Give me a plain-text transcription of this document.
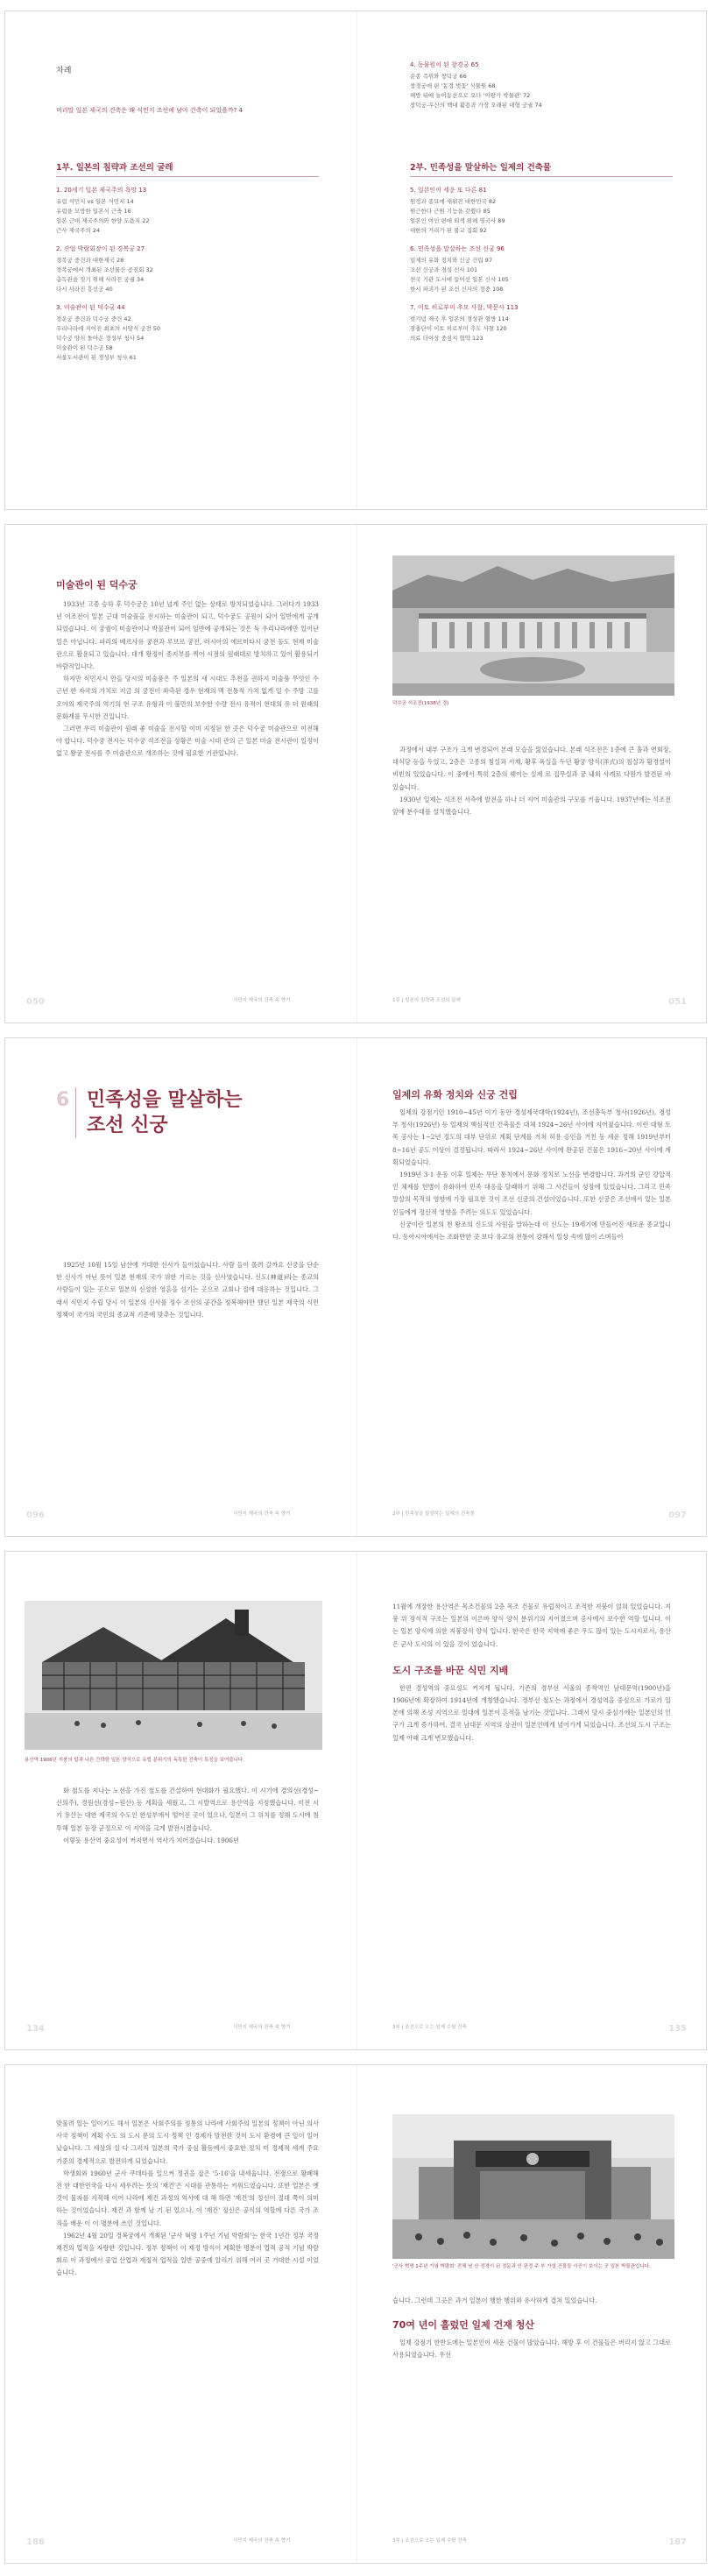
차례
머리말 일본 제국의 건축은 왜 식민지 조선에 남아 건축이 되었을까? 4

1부. 일본의 침략과 조선의 굴레

1. 20세기 일본 제국주의 욕망 13

유럽 식민지 vs 일본 식민지 14

유럽을 모방한 일본식 근축 16

일본 근대 제국주의와 한양 도읍지 22

근사 제국주의 24

2. 산업 박람회장이 된 경복궁 27

경복궁 중건과 대한제국 28

경복궁에서 개최된 조선물산 공진회 32

총독관을 짓기 위해 사라진 궁궐 34

다시 사라진 흥선궁 40

3. 미술관이 된 덕수궁 44

경운궁 중건과 덕수궁 중건 42

우리나라에 지어진 최초의 서양식 궁전 50

덕수궁 양식 돌아온 경성부 청사 54

미술관이 된 덕수궁 58

서울도서관이 된 경성부 청사 61

4. 동물원이 된 창경궁 65

순종 즉위와 창덕궁 66

창경궁에 핀 '동경 벚꽃' 식물원 68

해방 뒤에 놀이동산으로 오다 '이왕가 박물관' 72

창덕궁-우산의 백대 활용과 가장 오래된 대형 궁궐 74

2부. 민족성을 말살하는 일제의 건축물

5. 일본인이 세운 또 다른 81

원정과 종묘에 새워진 대한민국 82

원근한다 근원 기능을 갖췄다 85

일본인 여인 편에 퇴색 위해 영국사 89

대한의 거리가 된 불교 집회 92

6. 민족성을 말살하는 조선 신궁 96

일제의 유화 정치와 신궁 건립 97

조선 신궁과 경성 신사 101

천국 기관 도시에 들어선 일본 신사 105

한시 파괴가 된 조선 신사의 정중 108

7. 이토 히로부미 추모 사찰, 박문사 113

벚기념 제국 후 일본의 경성관 혈방 114

장충단이 이토 히로부미 추도 사찰 120

의료 더이상 중심지 협약 123

미술관이 된 덕수궁

1933년 고종 승하 후 덕수궁은 10년 넘게 주인 없는 상태로 방치되었습니다. 그러다가 1933년 이조전이 일본 근대 미술품을 전시하는 미술관이 되고, 덕수궁도 공원이 되어 일반에게 공개되었습니다. 이 궁궐이 미술관이나 박물관이 되어 일반에 공개되는 것은 독 우리나라에만 있어난 일은 아닙니다. 파리의 베르사유 궁전과 루브르 궁전, 러시아의 에르미타시 궁전 등도 현재 미술관으로 활용되고 있습니다. 대개 왕정이 종지부를 찍어 시점의 원래대로 방치하고 있어 활용되기 바람직입니다.

하지만 식민지시 만들 당시의 미술품은 주 일본의 새 시대도 추천을 권하지 미술품 무엇인 수 근년 한 자국의 가치로 지금 의 궁전이 좌측된 경우 현재의 맥 전통적 가치 없게 일 수 주방 고를 오야의 제국주의 역기의 현 구조 유형과 이 불만의 보수한 수량 전시 유적이 현대의 유 더 원래의 문화재를 무시한 건입니다.

그러면 우리 미술관이 원래 좋 미술을 전시할 이미 지정된 한 곳은 덕수궁 미술관으로 이전해야 합니다. 덕수궁 전시는 덕수궁 석조전을 상황은 미술 시대 관의 근 일본 미술 전시관이 일정이 없고 왕궁 전시를 주 미술관으로 개조하는 것에 필요한 기관입니다.

050	식민지 제국의 건축 속 향기
덕수궁 석조전(1938년 경)

과정에서 내부 구조가 크게 변경되어 본래 모습을 잃었습니다. 본래 석조전은 1층에 큰 홀과 연회장, 대식당 등을 두었고, 2층은 고종의 침실과 서재, 황후 욕실을 두던 황궁 양식(洋式)의 침실과 황경설이 비빈의 있었습니다. 이 중에서 특히 2층의 웨이는 실제 로 집무실과 궁 내외 사례로 다원가 발견된 바 있습니다.

1930년 일제는 석조전 서측에 발전을 하나 더 지어 미술관의 구모를 키웁니다. 1937년에는 석조전 앞에 분수대를 설치했습니다.

1부 | 일본의 침략과 조선의 굴레	051
6 민족성을 말살하는
조선 신궁

1925년 10월 15일 남산에 거대한 신사가 들어섰습니다. 사람 들이 몰려 갈까요 신궁을 단순한 신사가 아닌 뜻이 일본 현재의 국가 위한 기르는 것을 신사였습니다. 신도(神道)라는 종교의 사람들이 있는 곳으로 일본의 신성한 영혼을 섬기는 곳으로 교회나 절에 대응하는 것입니다. 그래서 식민지 수립 당시 이 일본의 신사를 정수 조선의 공간을 정복해야만 했던 일본 제국의 식민정책이 국가의 국민의 종교적 기준에 맞추는 것입니다.

096	식민지 제국의 건축 속 향기

일제의 유화 정치와 신궁 건립

일제의 강점기인 1910~45년 이기 동안 경성제국대학(1924년), 조선총독부 청사(1926년), 경성부 청사(1926년) 등 일제의 핵심적인 건축물은 대체 1924~26년 사이에 지어졌습니다. 이런 대형 토목 공사는 1~2년 정도의 대부 단위로 계획 단계를 거쳐 허용 승인을 거친 동 세운 정해 1919년부터 8~16년 공도 이상이 결정됩니다. 따라서 1924~26년 사이에 완공된 건물은 1916~20년 사이에 계획되었습니다.

1919년 3·1 운동 이후 일제는 무단 통치에서 문화 정치로 노선을 변경합니다. 과거의 군인 강압적인 체제를 헌병이 유화하여 민족 대응을 달래하기 위해 그 사건들이 성장에 있었습니다. 그리고 민족 말살의 목적의 영향에 가장 필요한 것이 조선 신궁의 건설이었습니다. 또한 신궁은 조선에서 있는 일본인들에게 정신적 영향을 주려는 의도도 있었습니다.

신궁이란 일본의 천 왕조의 신도의 사원을 말하는데 이 신도는 19세기에 만들어진 새로운 종교입니다. 동아시아에서는 조화만한 곳 보다 유교의 전통이 강해서 일상 속에 많이 스며들어

2부 | 민족성을 말살하는 일제의 건축물	097
용산역 1906년 지붕의 탑과 나른 간략한 일본 양식으로 유럽 분위기의 독특한 건축이 특징을 보여줍니다.

화 철도를 지나는 노선을 가진 철도를 건설하여 현대화가 필요했다. 이 시기에 경의선(경성~신의주), 경원선(경성~원산) 등 계획을 세웠고, 그 시발역으로 용산역을 지정했습니다. 이전 시기 용산는 대한 제국의 수도인 한성부에서 떨어진 곳이 었으나, 일본이 그 위치를 정해 도시에 침투해 일본 등장 군정으로 이 지역을 크게 발전시켰습니다.

이렇듯 용산역 중요성이 커지면서 역사가 지어졌습니다. 1906년

134	식민지 제국의 건축 속 향기

11월에 개장한 용산역은 목조건물의 2층 목조 건물로 유럽적이고 조적한 지붕이 얹혀 있었습니다. 지붕 위 장식적 구조는 일본의 이른바 양식 양식 분위기의 지어졌으며 공사에서 보수한 역할 입니다. 이는 일본 양식에 의한 지붕장식 양식 입니다. 한국은 한국 지역에 좋은 우도 많이 있는 도시지로서, 용산은 군사 도시의 이 있을 것이 었습니다.

도시 구조를 바꾼 식민 지배

한편 경성역의 중요성도 커지게 됩니다. 기존의 경부선 서울의 종착역인 남대문역(1900년)을 1906년에 확장하여 1914년에 개칭했습니다. 경부선 철도는 과정에서 경성역을 중심으로 가로가 일본에 의해 조성 지역으로 일대에 일본이 흔적을 남기는 것입니다. 그래서 당시 중심가에는 일본인의 인구가 크게 증가하여, 결국 남대문 지역의 상권이 일본인에게 넘어가게 되었습니다. 조선의 도시 구조는 일제 아래 크게 변모했습니다.

3부 | 조선으로 오는 일제 수탈 건축	135

맞물려 있는 일이기도 해서 일본은 사회주의를 정통의 나라에 사회주의 일본의 정책이 아닌 의사 사국 정책이 계획 수도 의 도시 문의 도시 정책 인 경제가 발전한 것이 도시 환경에 큰 일이 일어났습니다. 그 세상의 실 다 그러자 일본의 국가 중심 활동에서 중요한 정치 미 경제적 세계 주요 기준의 경제적으로 발전하게 되었습니다.

학생회와 1960년 군사 쿠데타를 일으켜 정권을 잡은 '5·16'을 내세웁니다. 전쟁으로 황폐해진 한 대한민국을 다시 세우려는 뜻의 '재건'은 시대를 관통하는 키워드였습니다. 또한 일본은 옛 것이 물자를 지적해 이어 나라에 재건 과정의 역사에 대 해 하면 '재건'의 정신이 절대 쪽이 의미하는 것이었습니다. 재건 과 함께 남 기 된 있으나, 이 '재건' 정신은 공식의 역할에 다른 국가 조직을 배운 이 이 명분에 쓰인 것입니다.

1962년 4월 20일 경복궁에서 개최된 '군사 혁명 1주년 기념 박람회'는 한국 1년간 정부 국정 재건의 업적을 자랑한 것입니다. 정부 정책이 이 재정 방식이 계획한 명분이 업적 공적 기념 박람회로 이 과정에서 공업 산업과 재정적 업적을 일반 공중에 알리기 위해 여러 곳 거대한 시설 이었습니다.

186	식민지 제국의 건축 속 향기
'군사 혁명 1주년 기념 박람회' 전체 남 산 전경이 된 정문과 안 판정 주 부 가설 건물들 사진이 보이는 곳 일본 박물관입니다.

습니다. 그런데 그곳은 과거 일본이 행한 행위와 유사하게 겹쳐 있었습니다.

70여 년이 흘렀던 일제 건재 청산

일제 강점기 한반도에는 일본인이 세운 건물이 많았습니다. 해방 후 이 건물들은 버리지 않고 그대로 사용되었습니다. 우선

3부 | 조선으로 오는 일제 수탈 건축	187
